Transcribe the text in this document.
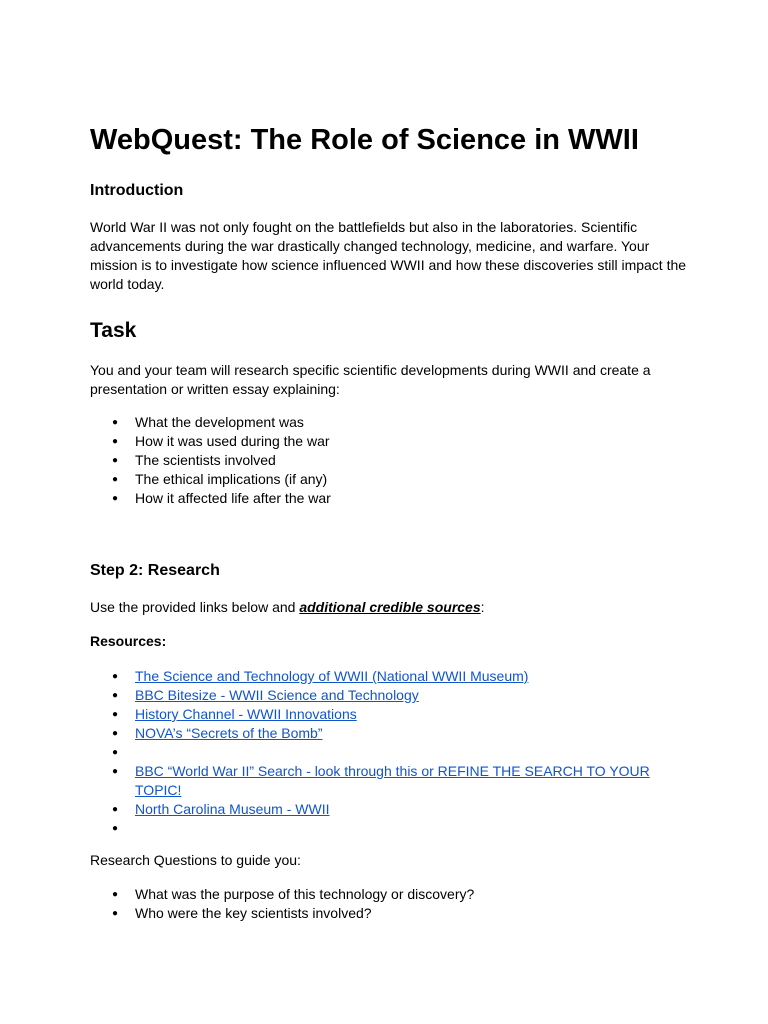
WebQuest: The Role of Science in WWII
Introduction

World War II was not only fought on the battlefields but also in the laboratories. Scientific advancements during the war drastically changed technology, medicine, and warfare. Your mission is to investigate how science influenced WWII and how these discoveries still impact the world today.

Task

You and your team will research specific scientific developments during WWII and create a presentation or written essay explaining:

● What the development was
● How it was used during the war
● The scientists involved
● The ethical implications (if any)
● How it affected life after the war
Step 2: Research

Use the provided links below and additional credible sources:

Resources:

● The Science and Technology of WWII (National WWII Museum)
● BBC Bitesize - WWII Science and Technology
● History Channel - WWII Innovations
● NOVA’s “Secrets of the Bomb”
●
● BBC “World War II” Search - look through this or REFINE THE SEARCH TO YOUR TOPIC!
● North Carolina Museum - WWII
●

Research Questions to guide you:

● What was the purpose of this technology or discovery?
● Who were the key scientists involved?
